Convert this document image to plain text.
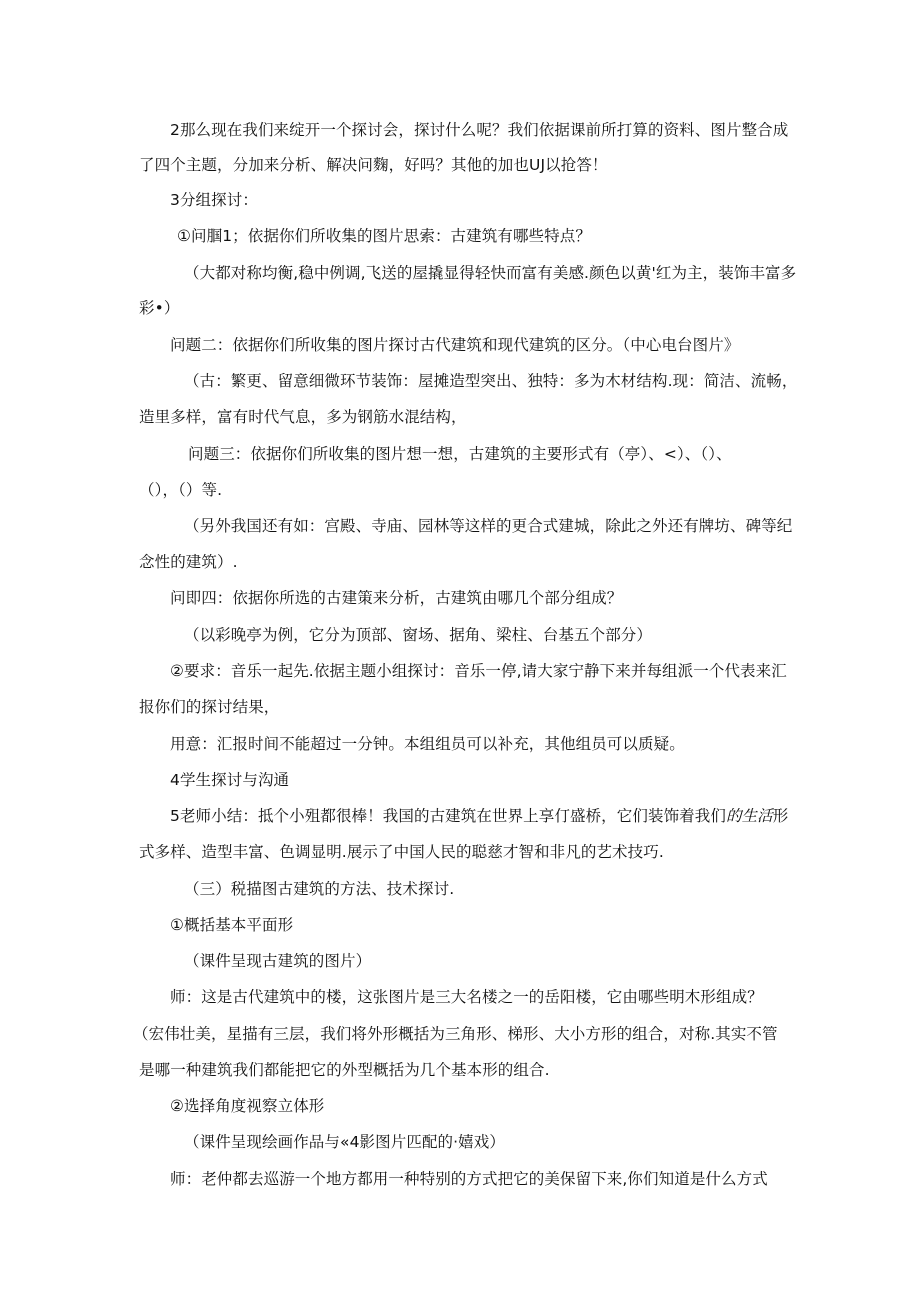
2那么现在我们来绽开一个探讨会，探讨什么呢？我们依据课前所打算的资料、图片整合成
了四个主题，分加来分析、解决问麴，好吗？其他的加也UJ以抢答！
3分组探讨：
①问腘1；依据你们所收集的图片思索：古建筑有哪些特点？
（大都对称均衡,稳中例调,飞送的屋撬显得轻快而富有美感.颜色以黄'红为主，装饰丰富多
彩•）
问题二：依据你们所收集的图片探讨古代建筑和现代建筑的区分。（中心电台图片》
（古：繁更、留意细微环节装饰：屋摊造型突出、独特：多为木材结构.现：简洁、流畅，
造里多样，富有时代气息，多为钢筋水混结构，
问题三：依据你们所收集的图片想一想，古建筑的主要形式有（亭）、<）、（）、
（），（）等.
（另外我国还有如：宫殿、寺庙、园林等这样的更合式建城，除此之外还有牌坊、碑等纪
念性的建筑）.
问即四：依据你所选的古建策来分析，古建筑由哪几个部分组成？
（以彩晚亭为例，它分为顶部、窗场、据角、梁柱、台基五个部分）
②要求：音乐一起先.依据主题小组探讨：音乐一停,请大家宁静下来并每组派一个代表来汇
报你们的探讨结果，
用意：汇报时间不能超过一分钟。本组组员可以补充，其他组员可以质疑。
4学生探讨与沟通
5老师小结：抵个小殂都很棒！我国的古建筑在世界上享仃盛桥，它们装饰着我们的生活形
式多样、造型丰富、色调显明.展示了中国人民的聪慈才智和非凡的艺术技巧.
（三）税描图古建筑的方法、技术探讨.
①概括基本平面形
（课件呈现古建筑的图片）
师：这是古代建筑中的楼，这张图片是三大名楼之一的岳阳楼，它由哪些明木形组成？
（宏伟壮美，星描有三层，我们将外形概括为三角形、梯形、大小方形的组合，对称.其实不管
是哪一种建筑我们都能把它的外型概括为几个基本形的组合.
②选择角度视察立体形
（课件呈现绘画作品与«4影图片匹配的·嬉戏）
师：老仲都去巡游一个地方都用一种特别的方式把它的美保留下来,你们知道是什么方式
